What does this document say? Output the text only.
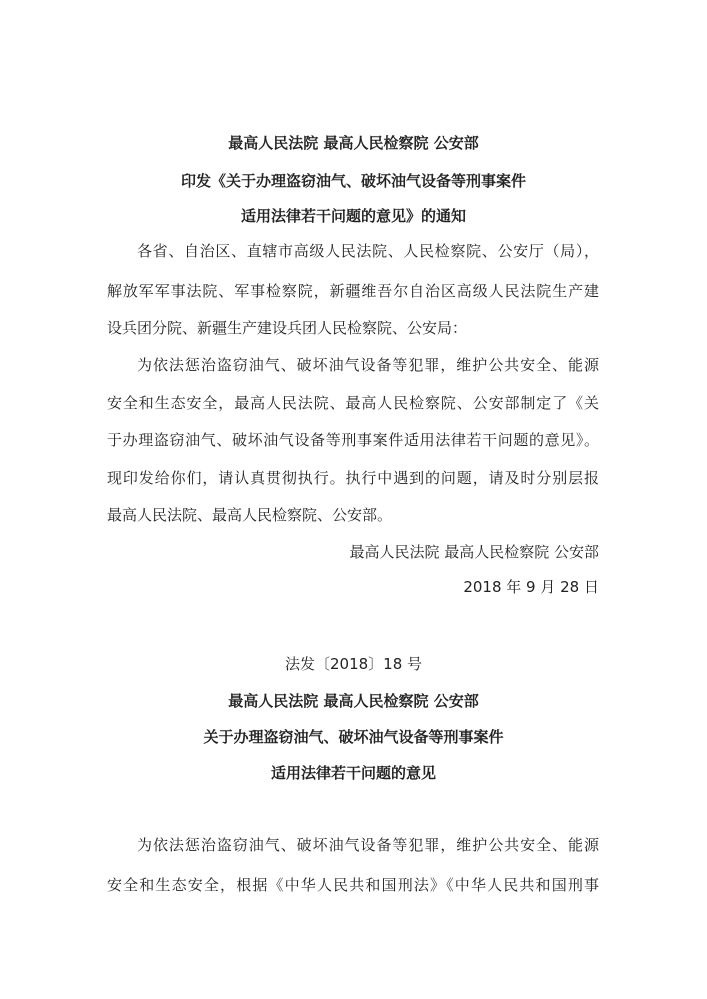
最高人民法院 最高人民检察院 公安部
印发《关于办理盗窃油气、破坏油气设备等刑事案件
适用法律若干问题的意见》的通知
各省、自治区、直辖市高级人民法院、人民检察院、公安厅（局），
解放军军事法院、军事检察院，新疆维吾尔自治区高级人民法院生产建
设兵团分院、新疆生产建设兵团人民检察院、公安局：
为依法惩治盗窃油气、破坏油气设备等犯罪，维护公共安全、能源
安全和生态安全，最高人民法院、最高人民检察院、公安部制定了《关
于办理盗窃油气、破坏油气设备等刑事案件适用法律若干问题的意见》。
现印发给你们，请认真贯彻执行。执行中遇到的问题，请及时分别层报
最高人民法院、最高人民检察院、公安部。
最高人民法院 最高人民检察院 公安部
2018 年 9 月 28 日
法发〔2018〕18 号
最高人民法院 最高人民检察院 公安部
关于办理盗窃油气、破坏油气设备等刑事案件
适用法律若干问题的意见
为依法惩治盗窃油气、破坏油气设备等犯罪，维护公共安全、能源
安全和生态安全，根据《中华人民共和国刑法》《中华人民共和国刑事
